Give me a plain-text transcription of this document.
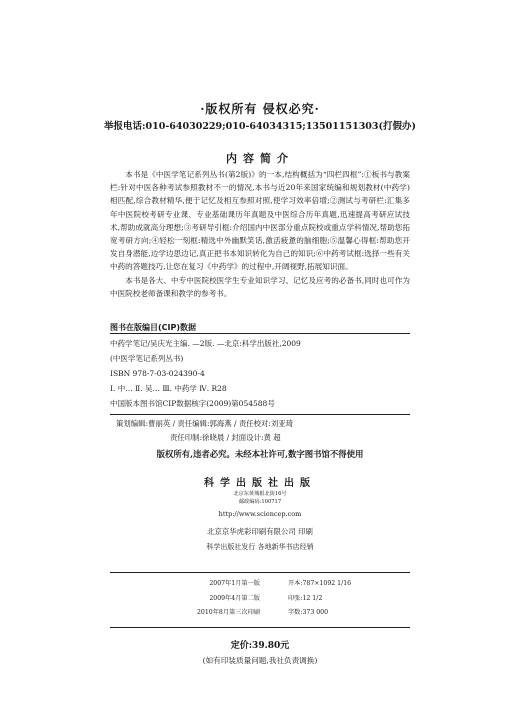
·版权所有 侵权必究·
举报电话:010-64030229;010-64034315;13501151303(打假办)
内容简介

本书是《中医学笔记系列丛书(第2版)》的一本,结构概括为“四栏四框”:①板书与教案栏:针对中医各种考试参照教材不一的情况,本书与近20年来国家统编和规划教材(中药学)相匹配,综合教材精华,便于记忆及相互参照对照,使学习效率倍增;②测试与考研栏:汇集多年中医院校考研专业课、专业基础课历年真题及中医综合历年真题,迅速提高考研应试技术,帮助成就高分理想;③考研导引框:介绍国内中医部分重点院校或重点学科情况,帮助您拓宽考研方向;④轻松一刻框:精选中外幽默笑话,激活疲惫的脑细胞;⑤温馨心得框:帮助您开发自身潜能,边学边思边记,真正把书本知识转化为自己的知识;⑥中药考试框:选择一些有关中药的答题技巧,让您在复习《中药学》的过程中,开阔视野,拓展知识面。

本书是各大、中专中医院校医学生专业知识学习、记忆及应考的必备书,同时也可作为中医院校老师备课和教学的参考书。

图书在版编目(CIP)数据
中药学笔记/吴庆光主编. —2版. —北京:科学出版社,2009
(中医学笔记系列丛书)
ISBN 978-7-03-024390-4
Ⅰ. 中… Ⅱ. 吴… Ⅲ. 中药学 Ⅳ. R28
中国版本图书馆CIP数据核字(2009)第054588号
策划编辑:曹丽英 / 责任编辑:郭海燕 / 责任校对:刘亚琦
责任印制:徐晓晨 / 封面设计:黄 超
版权所有,违者必究。未经本社许可,数字图书馆不得使用
科学出版社出版
北京东黄城根北街16号
邮政编码:100717
http://www.sciencep.com
北京京华虎彩印刷有限公司 印刷
科学出版社发行 各地新华书店经销
2007年1月第一版	开本:787×1092 1/16
2009年4月第二版	印张:12 1/2
2010年8月第三次印刷	字数:373 000
定价:39.80元
(如有印装质量问题,我社负责调换)
